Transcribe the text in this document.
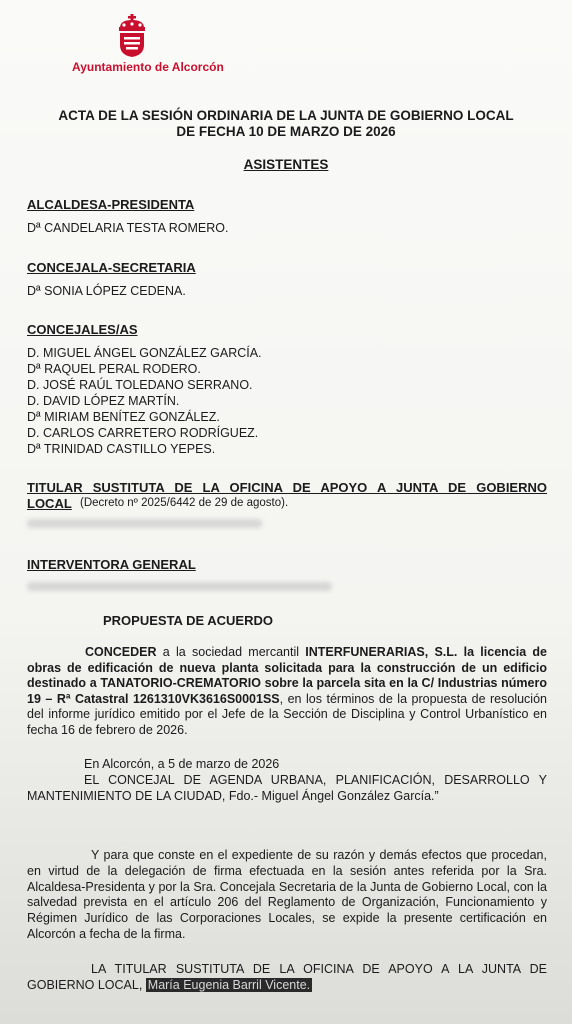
Ayuntamiento de Alcorcón
ACTA DE LA SESIÓN ORDINARIA DE LA JUNTA DE GOBIERNO LOCAL
DE FECHA 10 DE MARZO DE 2026
ASISTENTES
ALCALDESA-PRESIDENTA
Dª CANDELARIA TESTA ROMERO.
CONCEJALA-SECRETARIA
Dª SONIA LÓPEZ CEDENA.
CONCEJALES/AS
D. MIGUEL ÁNGEL GONZÁLEZ GARCÍA.
Dª RAQUEL PERAL RODERO.
D. JOSÉ RAÚL TOLEDANO SERRANO.
D. DAVID LÓPEZ MARTÍN.
Dª MIRIAM BENÍTEZ GONZÁLEZ.
D. CARLOS CARRETERO RODRÍGUEZ.
Dª TRINIDAD CASTILLO YEPES.
TITULAR SUSTITUTA DE LA OFICINA DE APOYO A JUNTA DE GOBIERNO
LOCAL (Decreto nº 2025/6442 de 29 de agosto).
INTERVENTORA GENERAL
PROPUESTA DE ACUERDO
CONCEDER a la sociedad mercantil INTERFUNERARIAS, S.L. la licencia de obras de edificación de nueva planta solicitada para la construcción de un edificio destinado a TANATORIO-CREMATORIO sobre la parcela sita en la C/ Industrias número 19 – Rª Catastral 1261310VK3616S0001SS, en los términos de la propuesta de resolución del informe jurídico emitido por el Jefe de la Sección de Disciplina y Control Urbanístico en fecha 16 de febrero de 2026.
En Alcorcón, a 5 de marzo de 2026
EL CONCEJAL DE AGENDA URBANA, PLANIFICACIÓN, DESARROLLO Y MANTENIMIENTO DE LA CIUDAD, Fdo.- Miguel Ángel González García.”
Y para que conste en el expediente de su razón y demás efectos que procedan, en virtud de la delegación de firma efectuada en la sesión antes referida por la Sra. Alcaldesa-Presidenta y por la Sra. Concejala Secretaria de la Junta de Gobierno Local, con la salvedad prevista en el artículo 206 del Reglamento de Organización, Funcionamiento y Régimen Jurídico de las Corporaciones Locales, se expide la presente certificación en Alcorcón a fecha de la firma.
LA TITULAR SUSTITUTA DE LA OFICINA DE APOYO A LA JUNTA DE GOBIERNO LOCAL, María Eugenia Barril Vicente.
